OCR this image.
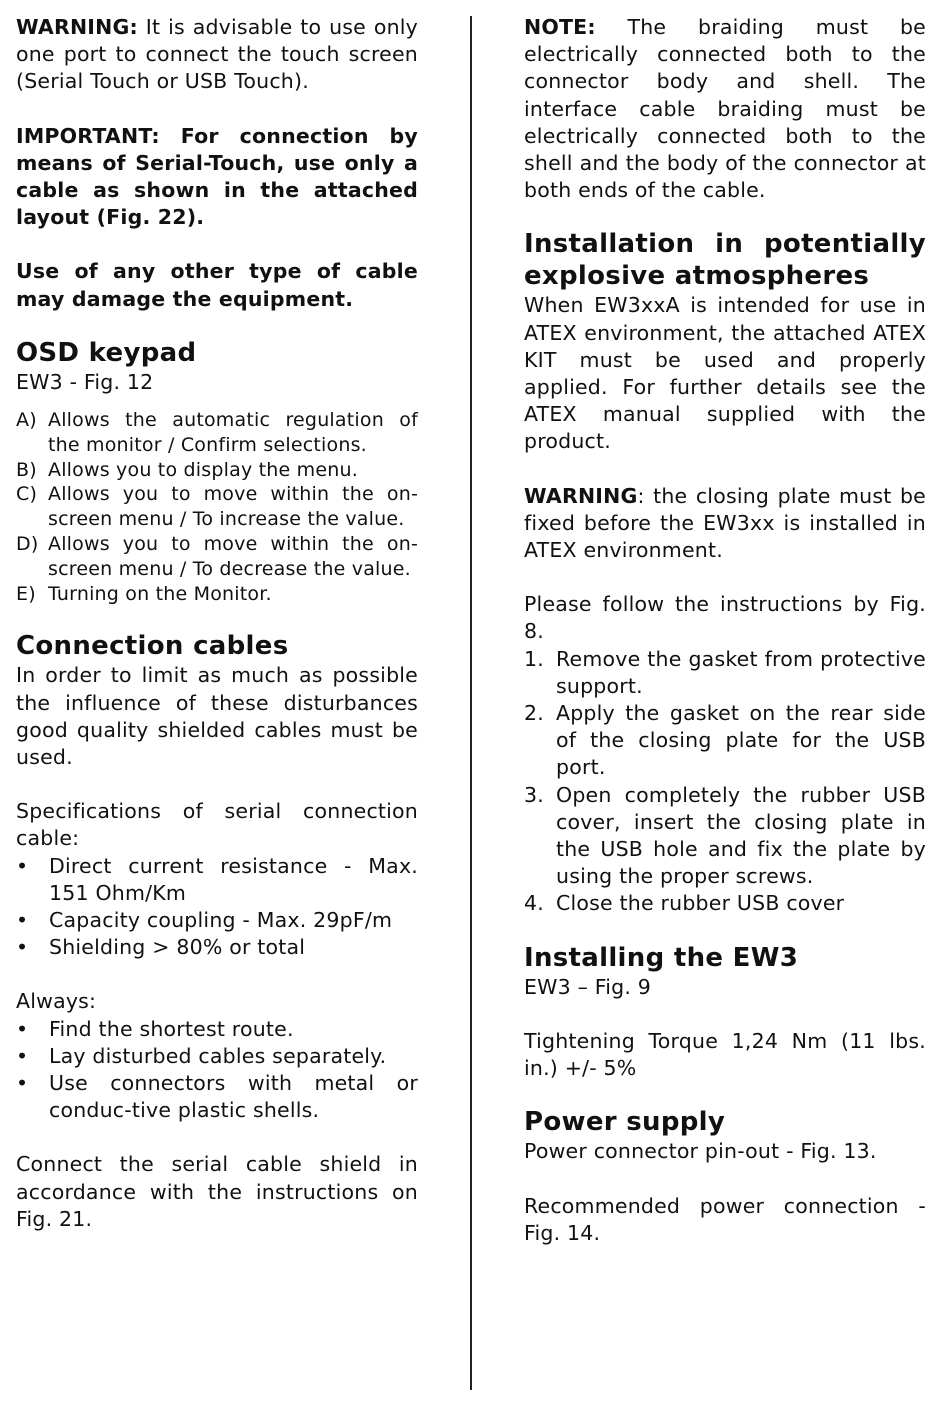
WARNING: It is advisable to use only one port to connect the touch screen (Serial Touch or USB Touch).

IMPORTANT: For connection by means of Serial-Touch, use only a cable as shown in the attached layout (Fig. 22).

Use of any other type of cable may damage the equipment.

OSD keypad

EW3 - Fig. 12

A) Allows the automatic regulation of the monitor / Confirm selections.
B) Allows you to display the menu.
C) Allows you to move within the on-screen menu / To increase the value.
D) Allows you to move within the on-screen menu / To decrease the value.
E) Turning on the Monitor.
Connection cables

In order to limit as much as possible the influence of these disturbances good quality shielded cables must be used.

Specifications of serial connection cable:

• Direct current resistance - Max. 151 Ohm/Km
• Capacity coupling - Max. 29pF/m
• Shielding > 80% or total

Always:

• Find the shortest route.
• Lay disturbed cables separately.
• Use connectors with metal or conduc-tive plastic shells.

Connect the serial cable shield in accordance with the instructions on Fig. 21.

NOTE: The braiding must be electrically connected both to the connector body and shell. The interface cable braiding must be electrically connected both to the shell and the body of the connector at both ends of the cable.

Installation in potentially
explosive atmospheres

When EW3xxA is intended for use in ATEX environment, the attached ATEX KIT must be used and properly applied. For further details see the ATEX manual supplied with the product.

WARNING: the closing plate must be fixed before the EW3xx is installed in ATEX environment.

Please follow the instructions by Fig. 8.

1. Remove the gasket from protective support.
2. Apply the gasket on the rear side of the closing plate for the USB port.
3. Open completely the rubber USB cover, insert the closing plate in the USB hole and fix the plate by using the proper screws.
4. Close the rubber USB cover
Installing the EW3

EW3 – Fig. 9

Tightening Torque 1,24 Nm (11 lbs. in.) +/- 5%

Power supply

Power connector pin-out - Fig. 13.

Recommended power connection - Fig. 14.
